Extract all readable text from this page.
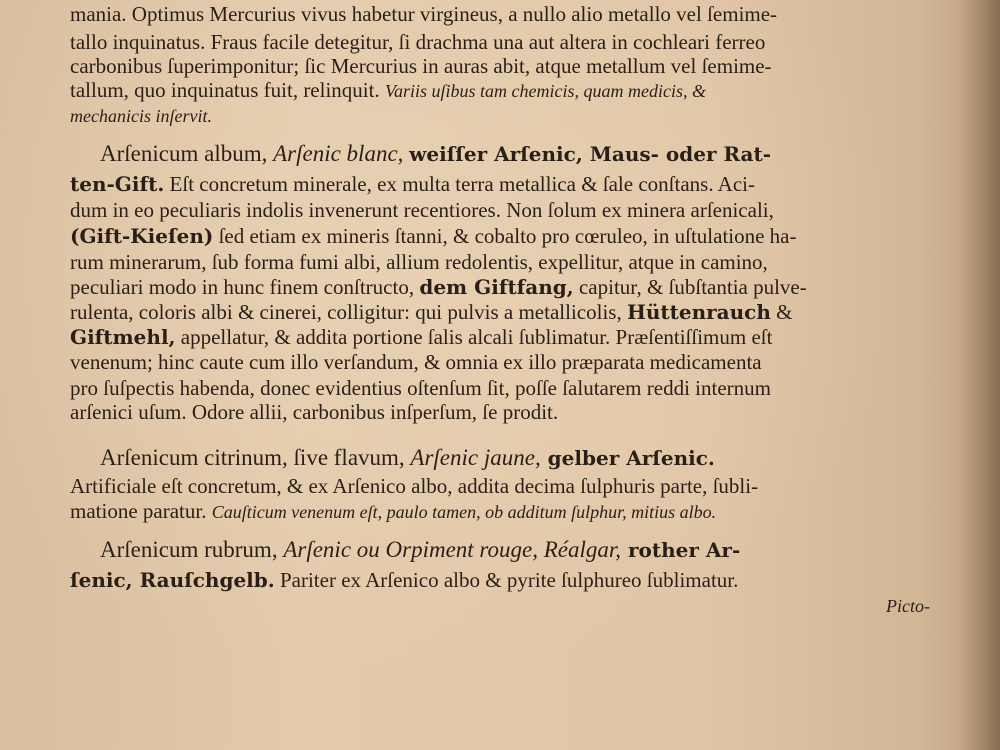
mania. Optimus Mercurius vivus habetur virgineus, a nullo alio metallo vel ſemime-
tallo inquinatus. Fraus facile detegitur, ſi drachma una aut altera in cochleari ferreo
carbonibus ſuperimponitur; ſic Mercurius in auras abit, atque metallum vel ſemime-
tallum, quo inquinatus fuit, relinquit. Variis uſibus tam chemicis, quam medicis, &
mechanicis inſervit.
Arſenicum album, Arſenic blanc, weiſſer Arſenic, Maus- oder Rat-
ten-Gift. Eſt concretum minerale, ex multa terra metallica & ſale conſtans. Aci-
dum in eo peculiaris indolis invenerunt recentiores. Non ſolum ex minera arſenicali,
(Gift-Kieſen) ſed etiam ex mineris ſtanni, & cobalto pro cœruleo, in uſtulatione ha-
rum minerarum, ſub forma fumi albi, allium redolentis, expellitur, atque in camino,
peculiari modo in hunc finem conſtructo, dem Giftfang, capitur, & ſubſtantia pulve-
rulenta, coloris albi & cinerei, colligitur: qui pulvis a metallicolis, Hüttenrauch &
Giftmehl, appellatur, & addita portione ſalis alcali ſublimatur. Præſentiſſimum eſt
venenum; hinc caute cum illo verſandum, & omnia ex illo præparata medicamenta
pro ſuſpectis habenda, donec evidentius oſtenſum ſit, poſſe ſalutarem reddi internum
arſenici uſum. Odore allii, carbonibus inſperſum, ſe prodit.
Arſenicum citrinum, ſive flavum, Arſenic jaune, gelber Arſenic.
Artificiale eſt concretum, & ex Arſenico albo, addita decima ſulphuris parte, ſubli-
matione paratur. Cauſticum venenum eſt, paulo tamen, ob additum ſulphur, mitius albo.
Arſenicum rubrum, Arſenic ou Orpiment rouge, Réalgar, rother Ar-
ſenic, Rauſchgelb. Pariter ex Arſenico albo & pyrite ſulphureo ſublimatur.
Pictо-
